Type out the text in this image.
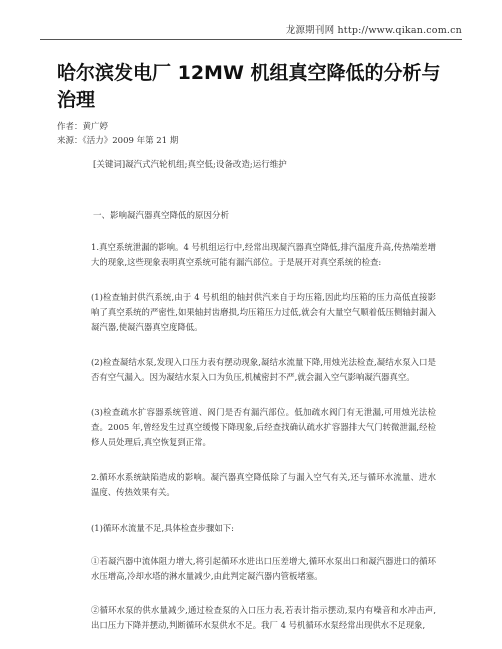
龙源期刊网 http://www.qikan.com.cn
哈尔滨发电厂 12MW 机组真空降低的分析与治理
作者：黄广婷
来源：《活力》2009 年第 21 期
[关键词]凝汽式汽轮机组;真空低;设备改造;运行维护
一、影响凝汽器真空降低的原因分析

1.真空系统泄漏的影响。4 号机组运行中,经常出现凝汽器真空降低,排汽温度升高,传热端差增大的现象,这些现象表明真空系统可能有漏汽部位。于是展开对真空系统的检查:

(1)检查轴封供汽系统,由于 4 号机组的轴封供汽来自于均压箱,因此均压箱的压力高低直接影响了真空系统的严密性,如果轴封齿磨损,均压箱压力过低,就会有大量空气顺着低压侧轴封漏入凝汽器,使凝汽器真空度降低。

(2)检查凝结水泵,发现入口压力表有摆动现象,凝结水流量下降,用烛光法检查,凝结水泵入口是否有空气漏入。因为凝结水泵入口为负压,机械密封不严,就会漏入空气影响凝汽器真空。

(3)检查疏水扩容器系统管道、阀门是否有漏汽部位。低加疏水阀门有无泄漏,可用烛光法检查。2005 年,曾经发生过真空缓慢下降现象,后经查找确认疏水扩容器排大气门转微泄漏,经检修人员处理后,真空恢复到正常。

2.循环水系统缺陷造成的影响。凝汽器真空降低除了与漏入空气有关,还与循环水流量、进水温度、传热效果有关。

(1)循环水流量不足,具体检查步骤如下:

①若凝汽器中流体阻力增大,将引起循环水进出口压差增大,循环水泵出口和凝汽器进口的循环水压增高,冷却水塔的淋水量减少,由此判定凝汽器内管板堵塞。

②循环水泵的供水量减少,通过检查泵的入口压力表,若表计指示摆动,泵内有噪音和水冲击声,出口压力下降并摆动,判断循环水泵供水不足。我厂 4 号机循环水泵经常出现供水不足现象,
